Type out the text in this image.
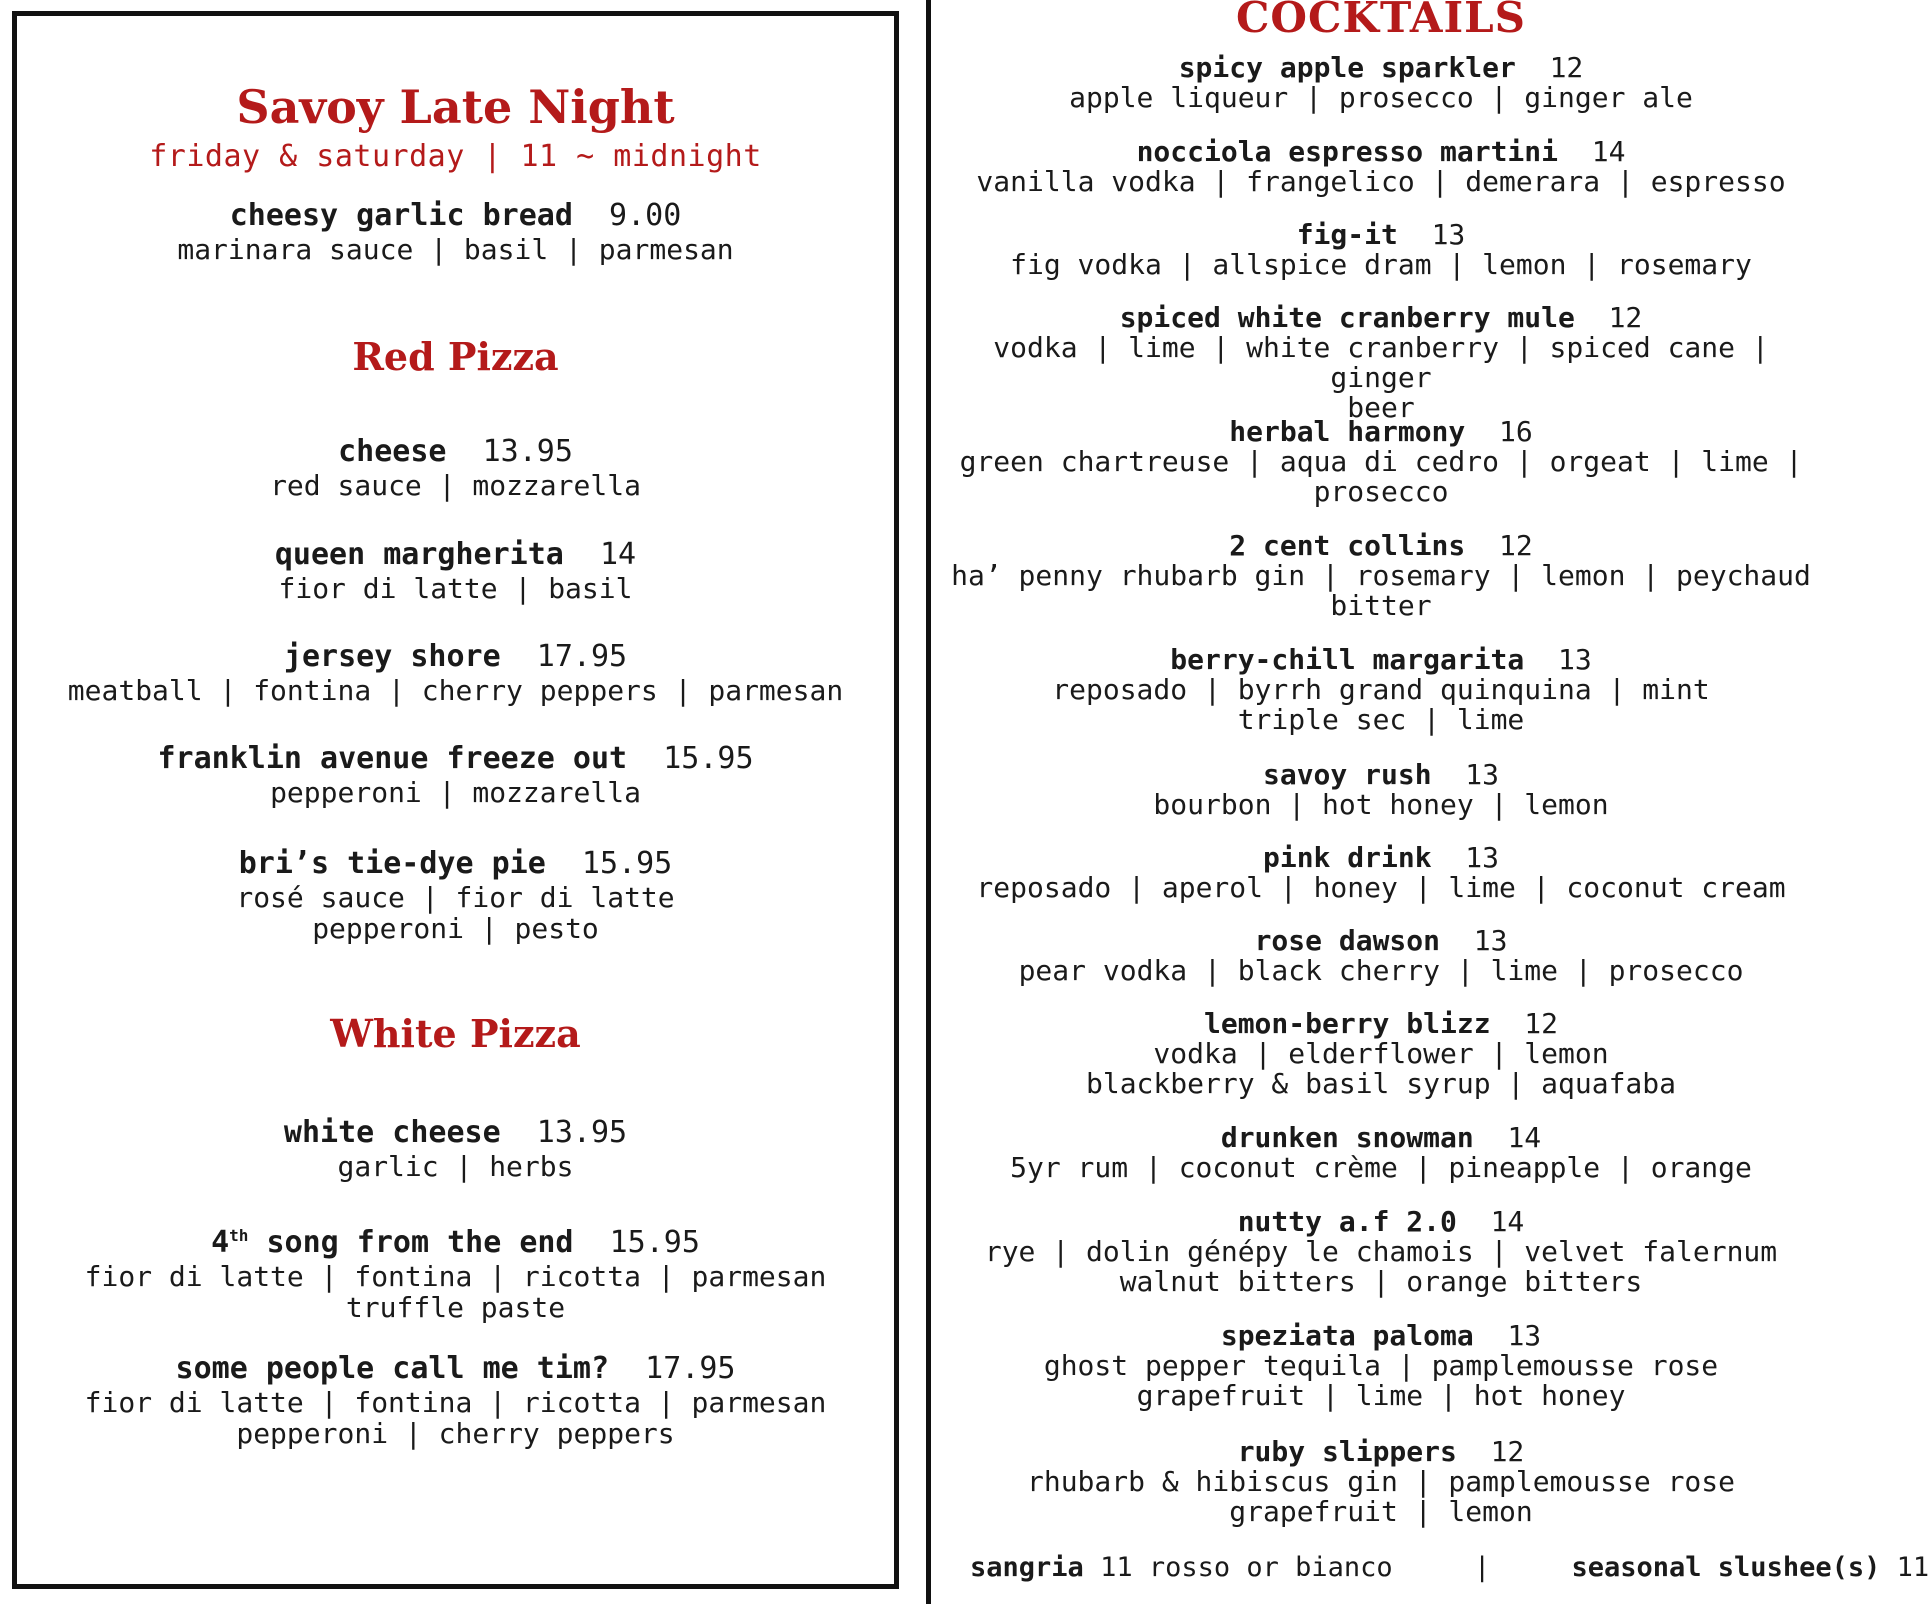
Savoy Late Night
friday & saturday | 11 ~ midnight
cheesy garlic bread 9.00
marinara sauce | basil | parmesan
Red Pizza
cheese 13.95
red sauce | mozzarella
queen margherita 14
fior di latte | basil
jersey shore 17.95
meatball | fontina | cherry peppers | parmesan
franklin avenue freeze out 15.95
pepperoni | mozzarella
bri’s tie-dye pie 15.95
rosé sauce | fior di latte
pepperoni | pesto
White Pizza
white cheese 13.95
garlic | herbs
4th song from the end 15.95
fior di latte | fontina | ricotta | parmesan
truffle paste
some people call me tim? 17.95
fior di latte | fontina | ricotta | parmesan
pepperoni | cherry peppers
COCKTAILS
spicy apple sparkler 12
apple liqueur | prosecco | ginger ale
nocciola espresso martini 14
vanilla vodka | frangelico | demerara | espresso
fig-it 13
fig vodka | allspice dram | lemon | rosemary
spiced white cranberry mule 12
vodka | lime | white cranberry | spiced cane | ginger
beer
herbal harmony 16
green chartreuse | aqua di cedro | orgeat | lime |
prosecco
2 cent collins 12
ha’ penny rhubarb gin | rosemary | lemon | peychaud
bitter
berry-chill margarita 13
reposado | byrrh grand quinquina | mint
triple sec | lime
savoy rush 13
bourbon | hot honey | lemon
pink drink 13
reposado | aperol | honey | lime | coconut cream
rose dawson 13
pear vodka | black cherry | lime | prosecco
lemon-berry blizz 12
vodka | elderflower | lemon
blackberry & basil syrup | aquafaba
drunken snowman 14
5yr rum | coconut crème | pineapple | orange
nutty a.f 2.0 14
rye | dolin génépy le chamois | velvet falernum
walnut bitters | orange bitters
speziata paloma 13
ghost pepper tequila | pamplemousse rose
grapefruit | lime | hot honey
ruby slippers 12
rhubarb & hibiscus gin | pamplemousse rose
grapefruit | lemon
sangria 11 rosso or bianco	|	seasonal slushee(s) 11
